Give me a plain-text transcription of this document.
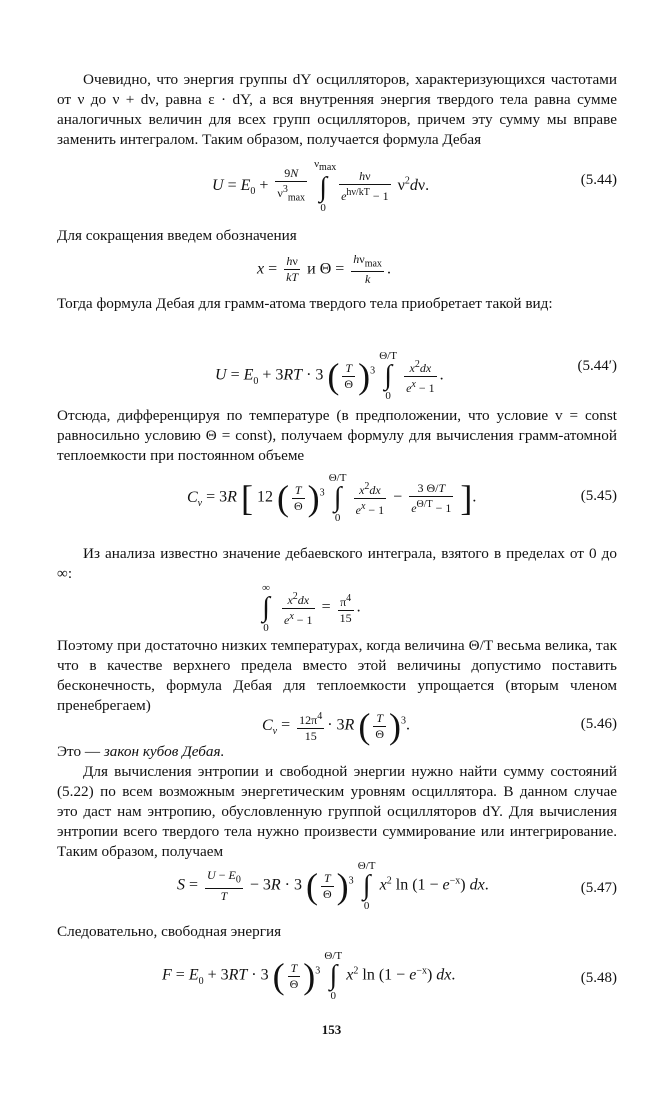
Очевидно, что энергия группы dY осцилляторов, характеризующихся частотами от ν до ν + dν, равна ε · dY, а вся внутренняя энергия твердого тела равна сумме аналогичных величин для всех групп осцилляторов, причем эту сумму мы вправе заменить интегралом. Таким образом, получается формула Дебая

$U = E_0 + \frac{9N}{\nu^3_{max}}$

$\nu_{max}$
∫
0

$\frac{h\nu}{e^{h\nu/kT} - 1} \nu^2d\nu$.	(5.44)

Для сокращения введем обозначения

$x = \frac{h\nu}{kT}$ и $\Theta = \frac{h\nu_{max}}{k}$ .

Тогда формула Дебая для грамм-атома твердого тела приобретает такой вид:

$U = E_0 + 3RT \cdot 3$ ( $\frac{T}{\Theta} )^3$
Θ/T
∫
0

$\frac{x^2dx}{e^x - 1}$ .
(5.44′)

Отсюда, дифференцируя по температуре (в предположении, что условие v = const равносильно условию Θ = const), получаем формулу для вычисления грамм-атомной теплоемкости при постоянном объеме

$C_v = 3R$ [ 12 ( $\frac{T}{\Theta} )^3$
Θ/T
∫
0

$\frac{x^2dx}{e^x - 1} - \frac{3 \Theta/T}{e^{\Theta/T} - 1}$ ].	(5.45)

Из анализа известно значение дебаевского интеграла, взятого в пределах от 0 до ∞:

∞
∫
0

$\frac{x^2dx}{e^x - 1} = \frac{\pi^4}{15}$ .

Поэтому при достаточно низких температурах, когда величина Θ/T весьма велика, так что в качестве верхнего предела вместо этой величины допустимо поставить бесконечность, формула Дебая для теплоемкости упрощается (вторым членом пренебрегаем)

$C_v = \frac{12\pi^4}{15} \cdot 3R$ ( $\frac{T}{\Theta} )^3$.	(5.46)

Это — закон кубов Дебая.

Для вычисления энтропии и свободной энергии нужно найти сумму состояний (5.22) по всем возможным энергетическим уровням осциллятора. В данном случае это даст нам энтропию, обусловленную группой осцилляторов dY. Для вычисления энтропии всего твердого тела нужно произвести суммирование или интегрирование. Таким образом, получаем

$S = \frac{U - E_0}{T} - 3R \cdot 3$ ( $\frac{T}{\Theta} )^3$
Θ/T
∫
0
$x^2$ $\ln (1 - e^{-x})$ dx.	(5.47)

Следовательно, свободная энергия

$F = E_0 + 3RT \cdot 3$ ( $\frac{T}{\Theta} )^3$
Θ/T
∫
0
$x^2$ $\ln (1 - e^{-x})$ dx.	(5.48)
153
